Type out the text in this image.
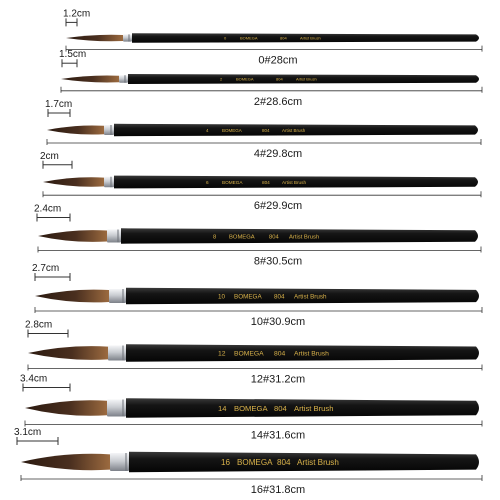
1.2cm
0	BOMEGA	804	Artist Brush
0#28cm
1.5cm
2	BOMEGA	804	Artist Brush
2#28.6cm
1.7cm
4	BOMEGA	804	Artist Brush
4#29.8cm
2cm
6	BOMEGA	804	Artist Brush
6#29.9cm
2.4cm
8 BOMEGA 804 Artist Brush
8#30.5cm
2.7cm
10 BOMEGA 804 Artist Brush
10#30.9cm
2.8cm
12 BOMEGA 804 Artist Brush
12#31.2cm
3.4cm
14 BOMEGA 804 Artist Brush
14#31.6cm
3.1cm
16 BOMEGA 804 Artist Brush
16#31.8cm
